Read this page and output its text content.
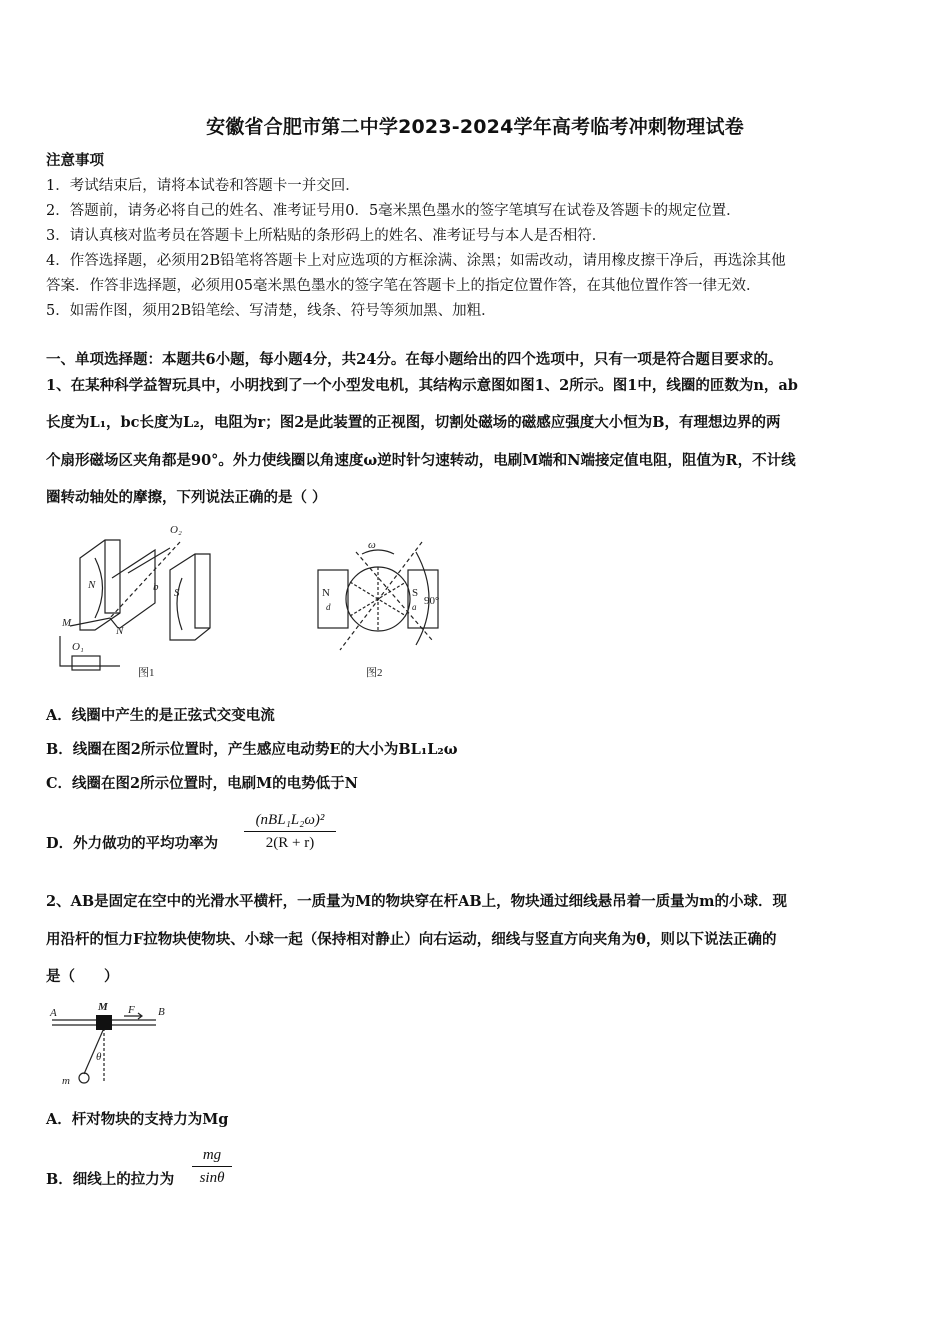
安徽省合肥市第二中学2023-2024学年高考临考冲刺物理试卷
注意事项
1．考试结束后，请将本试卷和答题卡一并交回．
2．答题前，请务必将自己的姓名、准考证号用0．5毫米黑色墨水的签字笔填写在试卷及答题卡的规定位置．
3．请认真核对监考员在答题卡上所粘贴的条形码上的姓名、准考证号与本人是否相符．
4．作答选择题，必须用2B铅笔将答题卡上对应选项的方框涂满、涂黑；如需改动，请用橡皮擦干净后，再选涂其他
答案．作答非选择题，必须用05毫米黑色墨水的签字笔在答题卡上的指定位置作答，在其他位置作答一律无效．
5．如需作图，须用2B铅笔绘、写清楚，线条、符号等须加黑、加粗．
一、单项选择题：本题共6小题，每小题4分，共24分。在每小题给出的四个选项中，只有一项是符合题目要求的。
1、在某种科学益智玩具中，小明找到了一个小型发电机，其结构示意图如图1、2所示。图1中，线圈的匝数为n，ab
长度为L₁，bc长度为L₂，电阻为r；图2是此装置的正视图，切割处磁场的磁感应强度大小恒为B，有理想边界的两
个扇形磁场区夹角都是90°。外力使线圈以角速度ω逆时针匀速转动，电刷M端和N端接定值电阻，阻值为R，不计线
圈转动轴处的摩擦，下列说法正确的是（ ）
O₂
N
S
b
M
N
O₁
图1
ω
N	S
90°
d	a
图2
A．线圈中产生的是正弦式交变电流
B．线圈在图2所示位置时，产生感应电动势E的大小为BL₁L₂ω
C．线圈在图2所示位置时，电刷M的电势低于N
D．外力做功的平均功率为
(nBL₁L₂ω)²
2(R + r)
2、AB是固定在空中的光滑水平横杆，一质量为M的物块穿在杆AB上，物块通过细线悬吊着一质量为m的小球．现
用沿杆的恒力F拉物块使物块、小球一起（保持相对静止）向右运动，细线与竖直方向夹角为θ，则以下说法正确的
是（　　）
A	M F B
θ
m
A．杆对物块的支持力为Mg
B．细线上的拉力为
mg
sinθ
